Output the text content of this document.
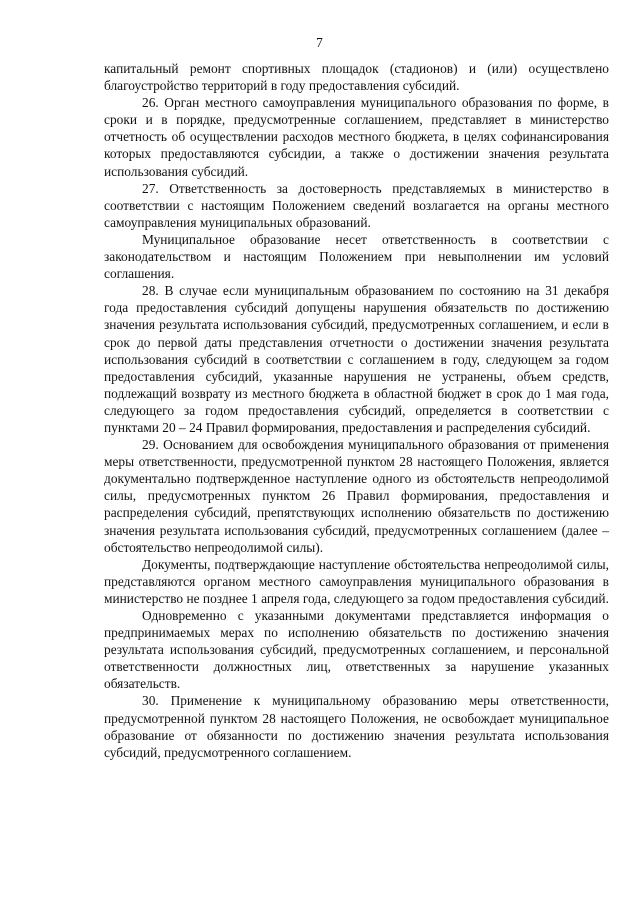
7

капитальный ремонт спортивных площадок (стадионов) и (или) осуществлено благоустройство территорий в году предоставления субсидий.

26. Орган местного самоуправления муниципального образования по форме, в сроки и в порядке, предусмотренные соглашением, представляет в министерство отчетность об осуществлении расходов местного бюджета, в целях софинансирования которых предоставляются субсидии, а также о достижении значения результата использования субсидий.

27. Ответственность за достоверность представляемых в министерство в соответствии с настоящим Положением сведений возлагается на органы местного самоуправления муниципальных образований.

Муниципальное образование несет ответственность в соответствии с законодательством и настоящим Положением при невыполнении им условий соглашения.

28. В случае если муниципальным образованием по состоянию на 31 декабря года предоставления субсидий допущены нарушения обязательств по достижению значения результата использования субсидий, предусмотренных соглашением, и если в срок до первой даты представления отчетности о достижении значения результата использования субсидий в соответствии с соглашением в году, следующем за годом предоставления субсидий, указанные нарушения не устранены, объем средств, подлежащий возврату из местного бюджета в областной бюджет в срок до 1 мая года, следующего за годом предоставления субсидий, определяется в соответствии с пунктами 20 – 24 Правил формирования, предоставления и распределения субсидий.

29. Основанием для освобождения муниципального образования от применения меры ответственности, предусмотренной пунктом 28 настоящего Положения, является документально подтвержденное наступление одного из обстоятельств непреодолимой силы, предусмотренных пунктом 26 Правил формирования, предоставления и распределения субсидий, препятствующих исполнению обязательств по достижению значения результата использования субсидий, предусмотренных соглашением (далее – обстоятельство непреодолимой силы).

Документы, подтверждающие наступление обстоятельства непреодолимой силы, представляются органом местного самоуправления муниципального образования в министерство не позднее 1 апреля года, следующего за годом предоставления субсидий.

Одновременно с указанными документами представляется информация о предпринимаемых мерах по исполнению обязательств по достижению значения результата использования субсидий, предусмотренных соглашением, и персональной ответственности должностных лиц, ответственных за нарушение указанных обязательств.

30. Применение к муниципальному образованию меры ответственности, предусмотренной пунктом 28 настоящего Положения, не освобождает муниципальное образование от обязанности по достижению значения результата использования субсидий, предусмотренного соглашением.
